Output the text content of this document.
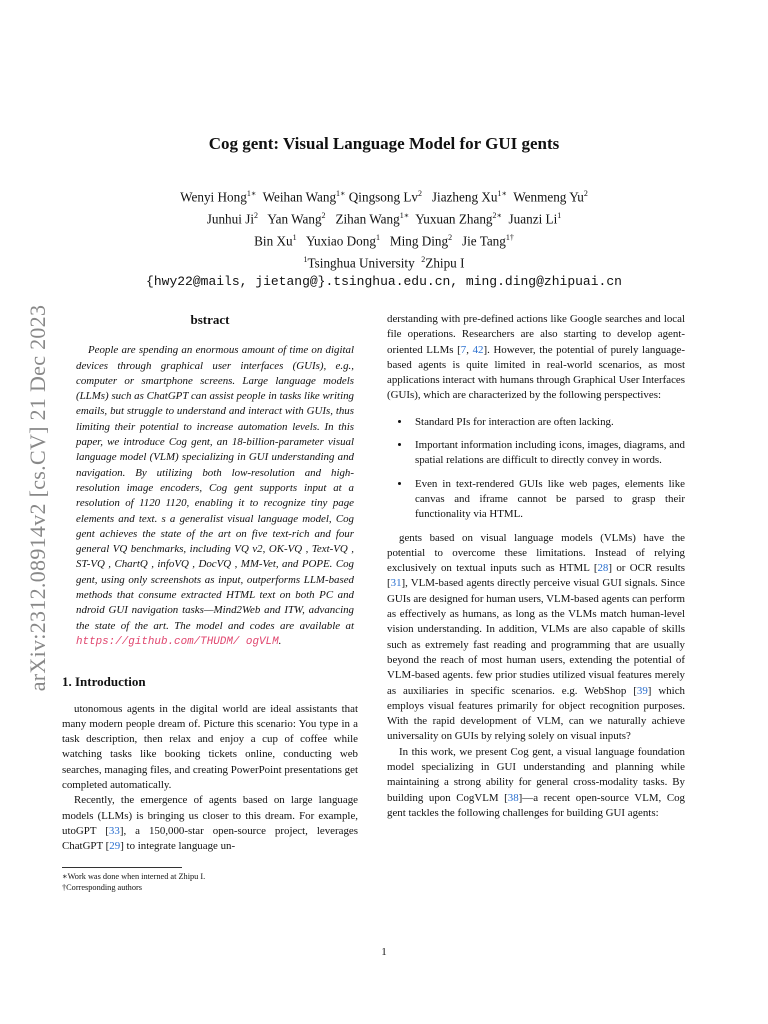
arXiv:2312.08914v2 [cs.CV] 21 Dec 2023
Cog gent: Visual Language Model for GUI gents
Wenyi Hong$^{1∗}$ Weihan Wang$^{1∗}$ Qingsong Lv$^2$ Jiazheng $Xu^{1∗}$ Wenmeng Yu$^2$
Junhui Ji$^2$ Yan Wang$^2$ Zihan Wang$^{1∗}$ Yuxuan Zhang$^{2∗}$ Juanzi Li$^1$
Bin Xu$^1$ Yuxiao Dong$^1$ Ming Ding$^2$ Jie Tang$^{1\dagger}$
$^1$Tsinghua University $^2$Zhipu I
{hwy22@mails, jietang@}.tsinghua.edu.cn, ming.ding@zhipuai.cn
bstract

People are spending an enormous amount of time on digital devices through graphical user interfaces (GUIs), e.g., computer or smartphone screens. Large language models (LLMs) such as ChatGPT can assist people in tasks like writing emails, but struggle to understand and interact with GUIs, thus limiting their potential to increase automation levels. In this paper, we introduce Cog gent, an 18-billion-parameter visual language model (VLM) specializing in GUI understanding and navigation. By utilizing both low-resolution and high-resolution image encoders, Cog gent supports input at a resolution of 1120 1120, enabling it to recognize tiny page elements and text. s a generalist visual language model, Cog gent achieves the state of the art on five text-rich and four general VQ benchmarks, including VQ v2, OK-VQ , Text-VQ , ST-VQ , ChartQ , infoVQ , DocVQ , MM-Vet, and POPE. Cog gent, using only screenshots as input, outperforms LLM-based methods that consume extracted HTML text on both PC and ndroid GUI navigation tasks—Mind2Web and ITW, advancing the state of the art. The model and codes are available at https://github.com/THUDM/ ogVLM.

1. Introduction

utonomous agents in the digital world are ideal assistants that many modern people dream of. Picture this scenario: You type in a task description, then relax and enjoy a cup of coffee while watching tasks like booking tickets online, conducting web searches, managing files, and creating PowerPoint presentations get completed automatically.

Recently, the emergence of agents based on large language models (LLMs) is bringing us closer to this dream. For example, utoGPT [33], a 150,000-star open-source project, leverages ChatGPT [29] to integrate language un-

∗Work was done when interned at Zhipu I.
†Corresponding authors

derstanding with pre-defined actions like Google searches and local file operations. Researchers are also starting to develop agent-oriented LLMs [7, 42]. However, the potential of purely language-based agents is quite limited in real-world scenarios, as most applications interact with humans through Graphical User Interfaces (GUIs), which are characterized by the following perspectives:

• Standard PIs for interaction are often lacking.
• Important information including icons, images, diagrams, and spatial relations are difficult to directly convey in words.
• Even in text-rendered GUIs like web pages, elements like canvas and iframe cannot be parsed to grasp their functionality via HTML.

gents based on visual language models (VLMs) have the potential to overcome these limitations. Instead of relying exclusively on textual inputs such as HTML [28] or OCR results [31], VLM-based agents directly perceive visual GUI signals. Since GUIs are designed for human users, VLM-based agents can perform as effectively as humans, as long as the VLMs match human-level vision understanding. In addition, VLMs are also capable of skills such as extremely fast reading and programming that are usually beyond the reach of most human users, extending the potential of VLM-based agents. few prior studies utilized visual features merely as auxiliaries in specific scenarios. e.g. WebShop [39] which employs visual features primarily for object recognition purposes. With the rapid development of VLM, can we naturally achieve universality on GUIs by relying solely on visual inputs?

In this work, we present Cog gent, a visual language foundation model specializing in GUI understanding and planning while maintaining a strong ability for general cross-modality tasks. By building upon CogVLM [38]—a recent open-source VLM, Cog gent tackles the following challenges for building GUI agents:

1
